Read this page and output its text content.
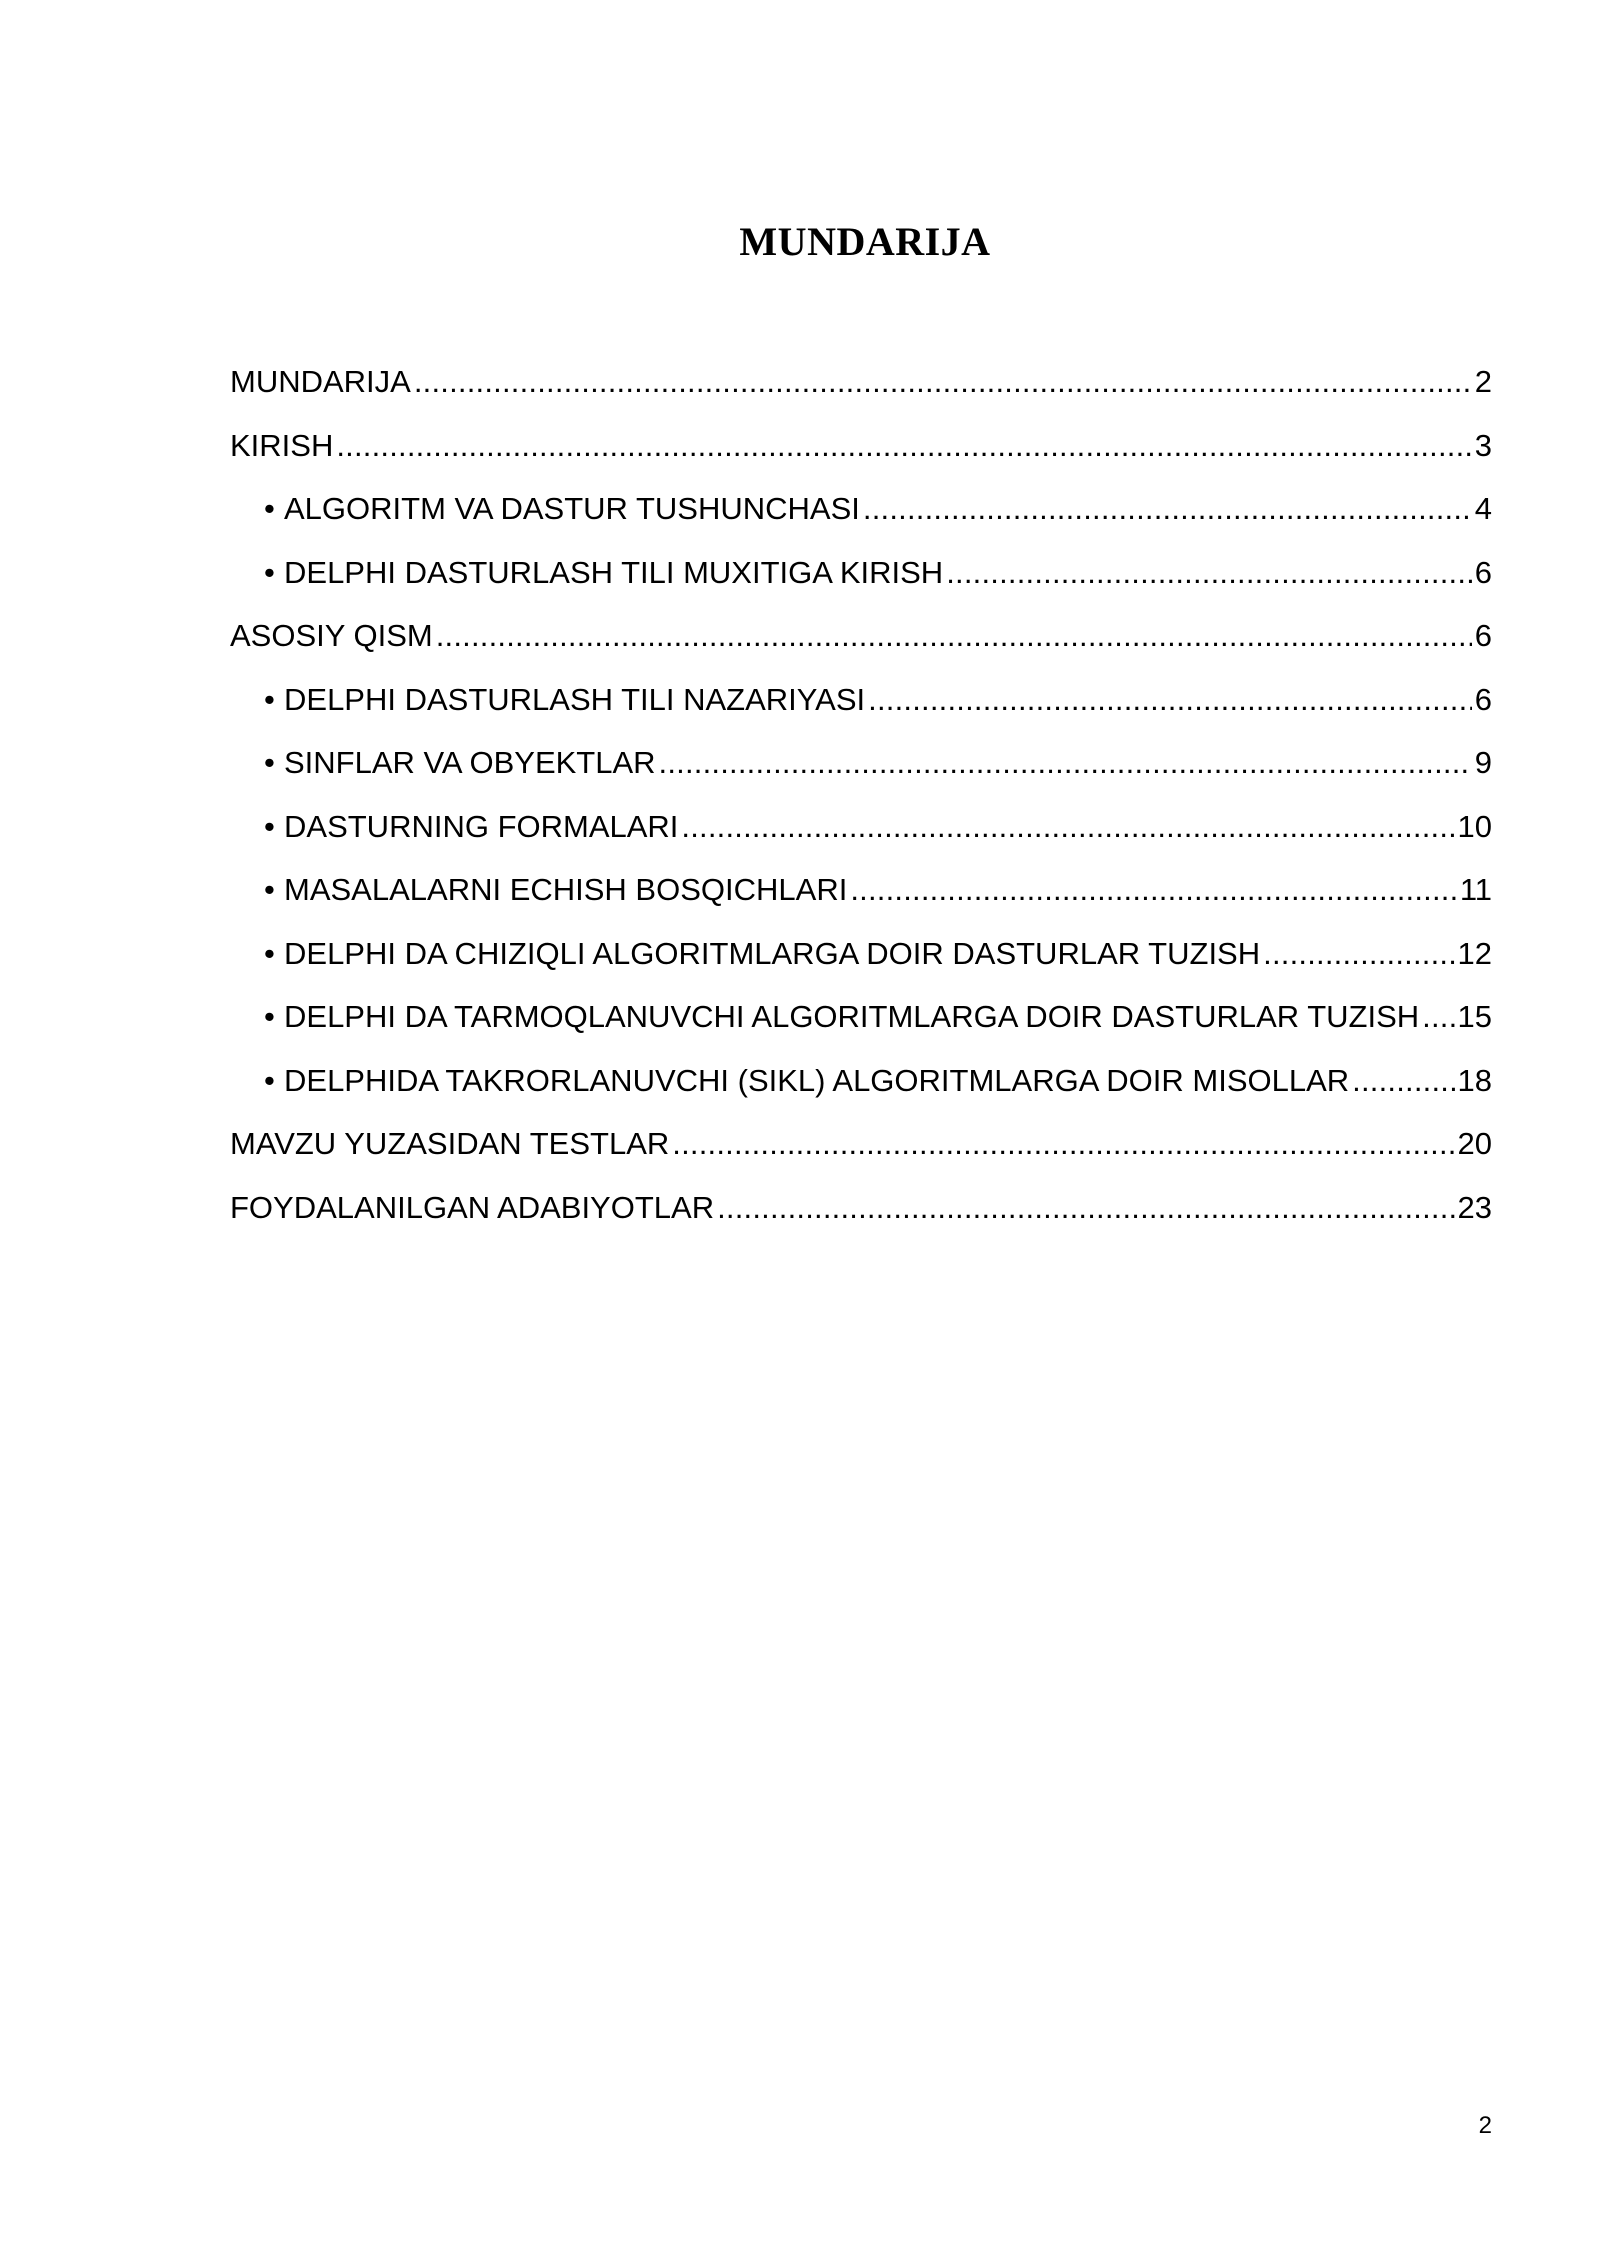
MUNDARIJA
MUNDARIJA .....	2
KIRISH .....	3
• ALGORITM VA DASTUR TUSHUNCHASI .....	4
• DELPHI DASTURLASH TILI MUXITIGA KIRISH .....	6
ASOSIY QISM .....	6
• DELPHI DASTURLASH TILI NAZARIYASI .....	6
• SINFLAR VA OBYEKTLAR .....	9
• DASTURNING FORMALARI .....	10
• MASALALARNI ECHISH BOSQICHLARI .....	11
• DELPHI DA CHIZIQLI ALGORITMLARGA DOIR DASTURLAR TUZISH .....	12
• DELPHI DA TARMOQLANUVCHI ALGORITMLARGA DOIR DASTURLAR TUZISH ..... 15
• DELPHIDA TAKRORLANUVCHI (SIKL) ALGORITMLARGA DOIR MISOLLAR .....	18
MAVZU YUZASIDAN TESTLAR .....	20
FOYDALANILGAN ADABIYOTLAR .....	23
2
